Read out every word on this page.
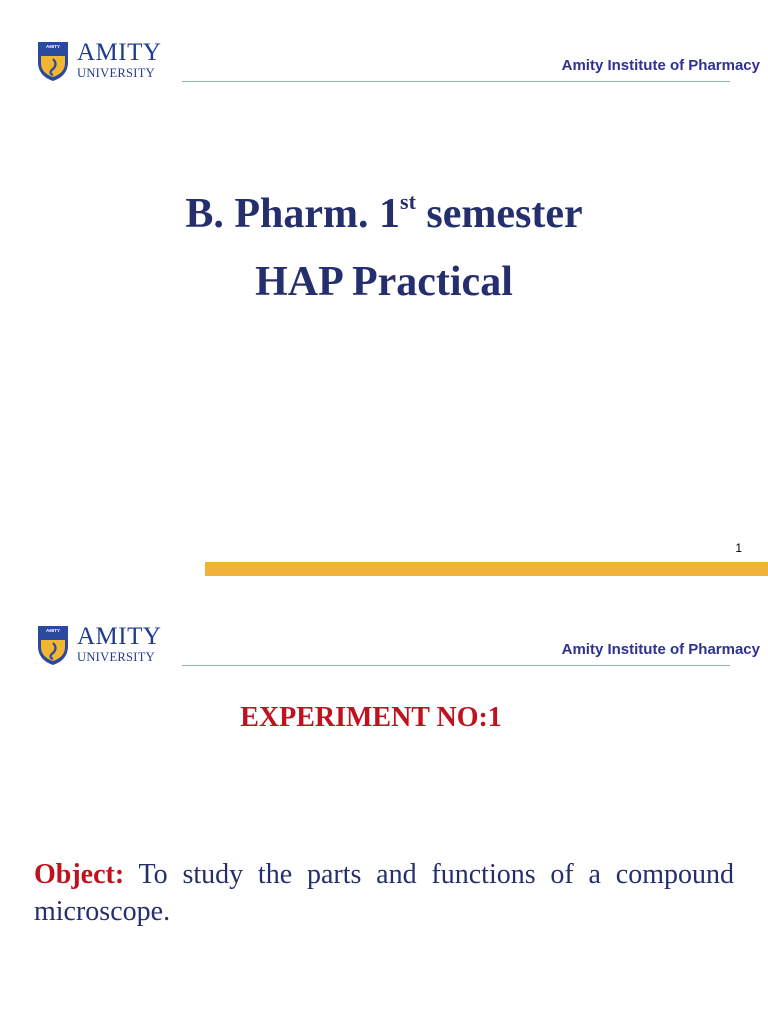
AMITY AMITY
UNIVERSITY	Amity Institute of Pharmacy
B. Pharm. 1st semester
HAP Practical
1
AMITY AMITY
UNIVERSITY	Amity Institute of Pharmacy
EXPERIMENT NO:1

Object: To study the parts and functions of a compound microscope.
